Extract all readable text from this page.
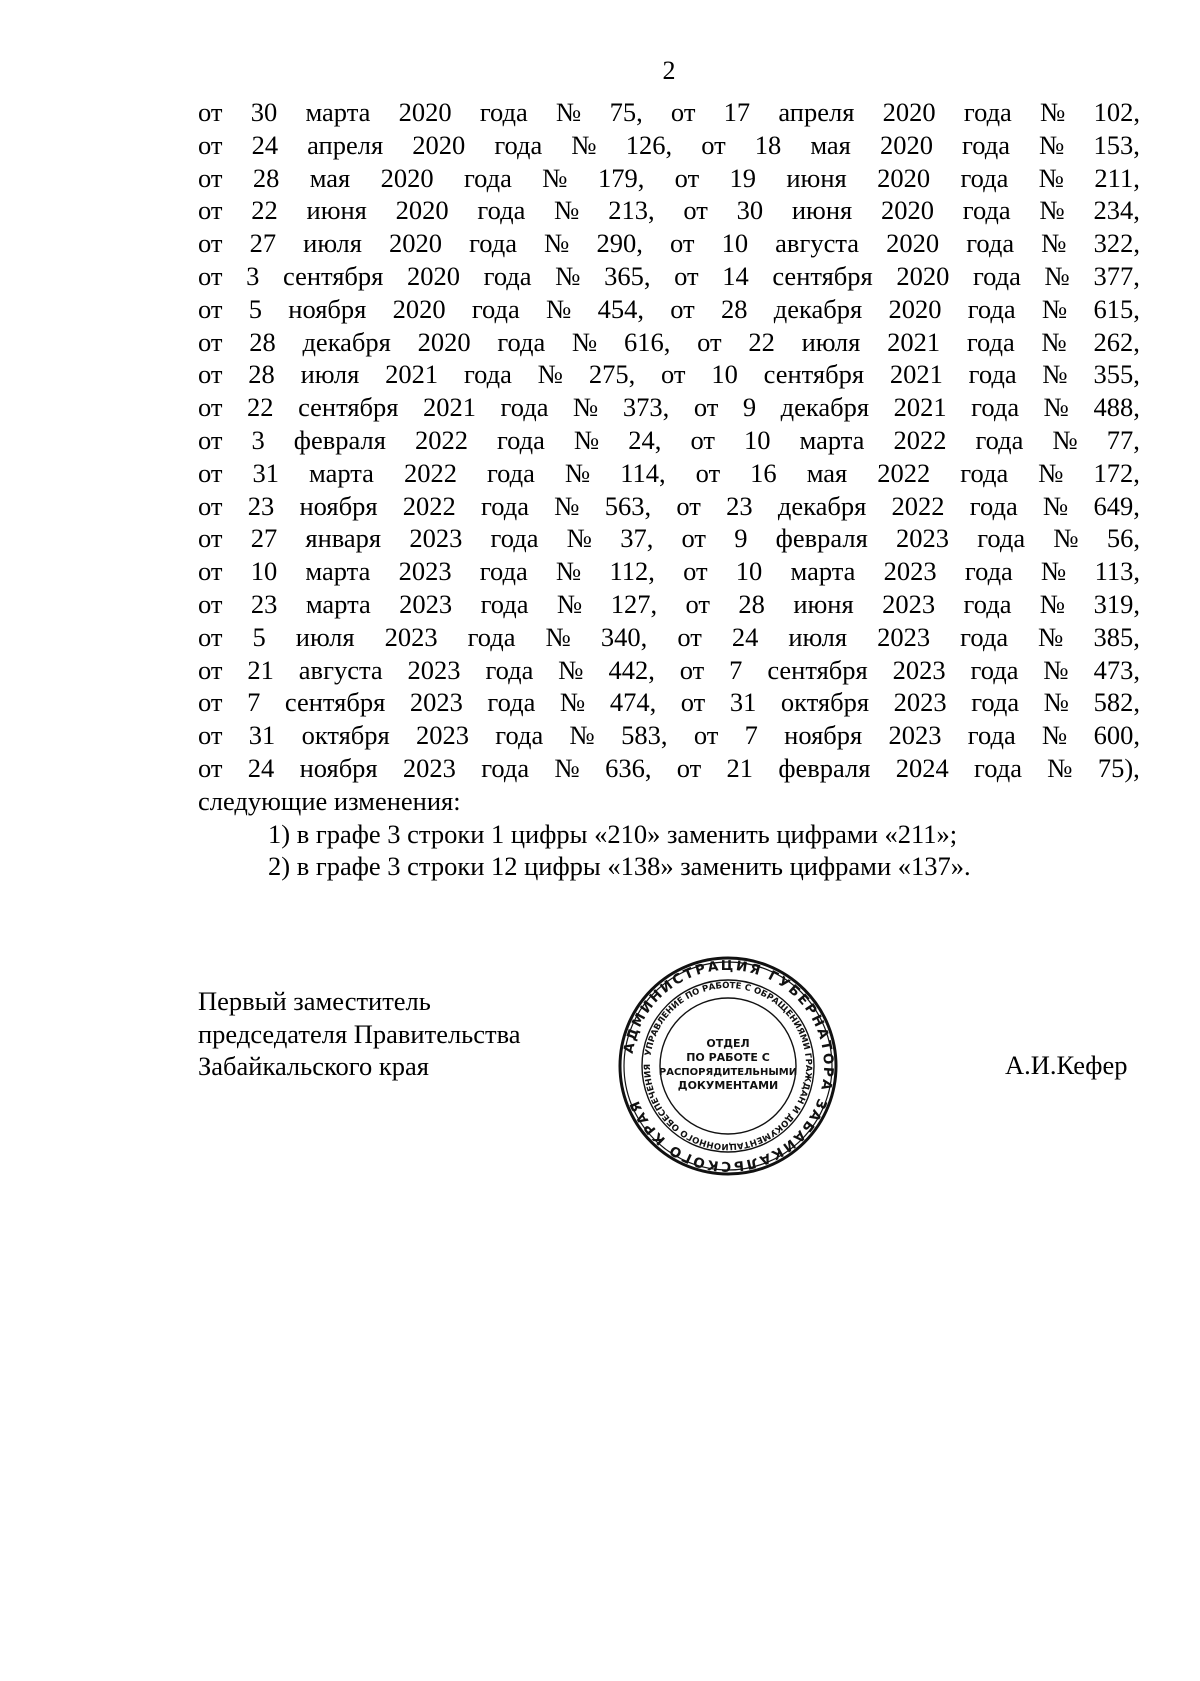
2
от 30 марта 2020 года № 75, от 17 апреля 2020 года № 102,
от 24 апреля 2020 года № 126, от 18 мая 2020 года № 153,
от 28 мая 2020 года № 179, от 19 июня 2020 года № 211,
от 22 июня 2020 года № 213, от 30 июня 2020 года № 234,
от 27 июля 2020 года № 290, от 10 августа 2020 года № 322,
от 3 сентября 2020 года № 365, от 14 сентября 2020 года № 377,
от 5 ноября 2020 года № 454, от 28 декабря 2020 года № 615,
от 28 декабря 2020 года № 616, от 22 июля 2021 года № 262,
от 28 июля 2021 года № 275, от 10 сентября 2021 года № 355,
от 22 сентября 2021 года № 373, от 9 декабря 2021 года № 488,
от 3 февраля 2022 года № 24, от 10 марта 2022 года № 77,
от 31 марта 2022 года № 114, от 16 мая 2022 года № 172,
от 23 ноября 2022 года № 563, от 23 декабря 2022 года № 649,
от 27 января 2023 года № 37, от 9 февраля 2023 года № 56,
от 10 марта 2023 года № 112, от 10 марта 2023 года № 113,
от 23 марта 2023 года № 127, от 28 июня 2023 года № 319,
от 5 июля 2023 года № 340, от 24 июля 2023 года № 385,
от 21 августа 2023 года № 442, от 7 сентября 2023 года № 473,
от 7 сентября 2023 года № 474, от 31 октября 2023 года № 582,
от 31 октября 2023 года № 583, от 7 ноября 2023 года № 600,
от 24 ноября 2023 года № 636, от 21 февраля 2024 года № 75),
следующие изменения:
1) в графе 3 строки 1 цифры «210» заменить цифрами «211»;
2) в графе 3 строки 12 цифры «138» заменить цифрами «137».
Первый заместитель
председателя Правительства
Забайкальского края	А.И.Кефер
АДМИНИСТРАЦИЯ ГУБЕРНАТОРА ЗАБАЙКАЛЬСКОГО КРАЯ
УПРАВЛЕНИЕ ПО РАБОТЕ С ОБРАЩЕНИЯМИ ГРАЖДАН И ДОКУМЕНТАЦИОННОГО ОБЕСПЕЧЕНИЯ
ОТДЕЛ
ПО РАБОТЕ С
РАСПОРЯДИТЕЛЬНЫМИ
ДОКУМЕНТАМИ
